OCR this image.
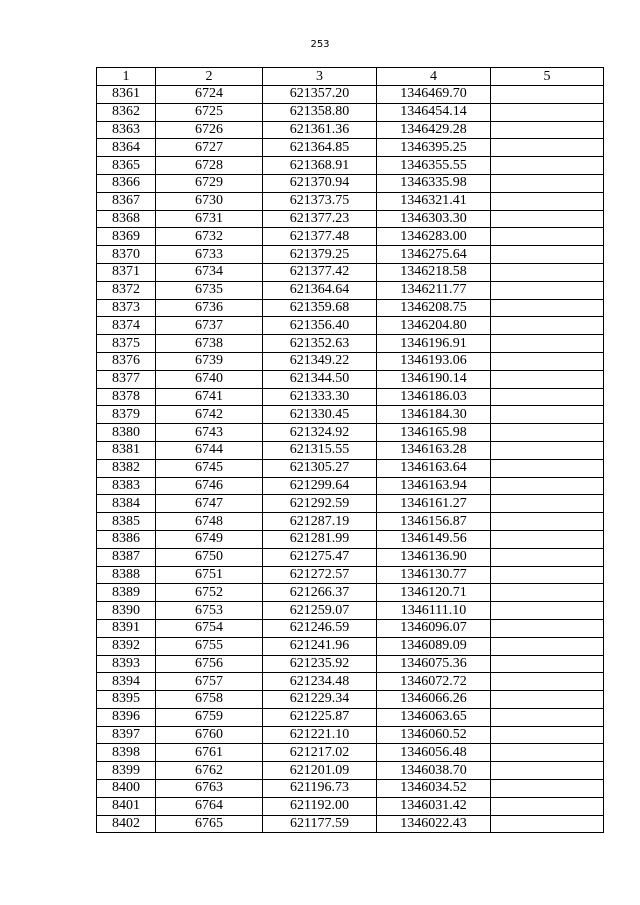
253
1	2	3	4	5
8361	6724	621357.20	1346469.70	
8362	6725	621358.80	1346454.14	
8363	6726	621361.36	1346429.28	
8364	6727	621364.85	1346395.25	
8365	6728	621368.91	1346355.55	
8366	6729	621370.94	1346335.98	
8367	6730	621373.75	1346321.41	
8368	6731	621377.23	1346303.30	
8369	6732	621377.48	1346283.00	
8370	6733	621379.25	1346275.64	
8371	6734	621377.42	1346218.58	
8372	6735	621364.64	1346211.77	
8373	6736	621359.68	1346208.75	
8374	6737	621356.40	1346204.80	
8375	6738	621352.63	1346196.91	
8376	6739	621349.22	1346193.06	
8377	6740	621344.50	1346190.14	
8378	6741	621333.30	1346186.03	
8379	6742	621330.45	1346184.30	
8380	6743	621324.92	1346165.98	
8381	6744	621315.55	1346163.28	
8382	6745	621305.27	1346163.64	
8383	6746	621299.64	1346163.94	
8384	6747	621292.59	1346161.27	
8385	6748	621287.19	1346156.87	
8386	6749	621281.99	1346149.56	
8387	6750	621275.47	1346136.90	
8388	6751	621272.57	1346130.77	
8389	6752	621266.37	1346120.71	
8390	6753	621259.07	1346111.10	
8391	6754	621246.59	1346096.07	
8392	6755	621241.96	1346089.09	
8393	6756	621235.92	1346075.36	
8394	6757	621234.48	1346072.72	
8395	6758	621229.34	1346066.26	
8396	6759	621225.87	1346063.65	
8397	6760	621221.10	1346060.52	
8398	6761	621217.02	1346056.48	
8399	6762	621201.09	1346038.70	
8400	6763	621196.73	1346034.52	
8401	6764	621192.00	1346031.42	
8402	6765	621177.59	1346022.43	
